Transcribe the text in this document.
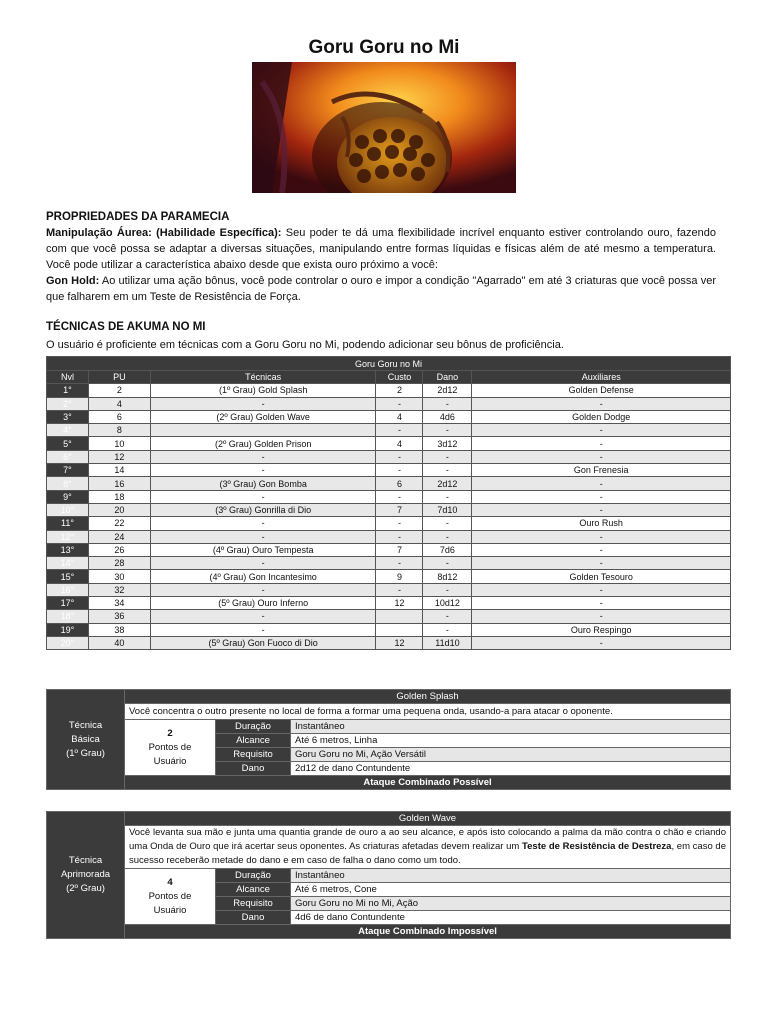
Goru Goru no Mi
PROPRIEDADES DA PARAMECIA
Manipulação Áurea: (Habilidade Específica): Seu poder te dá uma flexibilidade incrível enquanto estiver controlando ouro, fazendo com que você possa se adaptar a diversas situações, manipulando entre formas líquidas e físicas além de até mesmo a temperatura. Você pode utilizar a característica abaixo desde que exista ouro próximo a você:
Gon Hold: Ao utilizar uma ação bônus, você pode controlar o ouro e impor a condição "Agarrado" em até 3 criaturas que você possa ver que falharem em um Teste de Resistência de Força.
TÉCNICAS DE AKUMA NO MI
O usuário é proficiente em técnicas com a Goru Goru no Mi, podendo adicionar seu bônus de proficiência.
Goru Goru no Mi					
Nvl	PU	Técnicas	Custo	Dano	Auxiliares
1°	2	(1º Grau) Gold Splash	2	2d12	Golden Defense
2°	4	-	-	-	-
3°	6	(2º Grau) Golden Wave	4	4d6	Golden Dodge
4°	8		-	-	-
5°	10	(2º Grau) Golden Prison	4	3d12	-
6°	12	-	-	-	-
7°	14	-	-	-	Gon Frenesia
8°	16	(3º Grau) Gon Bomba	6	2d12	-
9°	18	-	-	-	-
10°	20	(3º Grau) Gonrilla di Dio	7	7d10	-
11°	22	-	-	-	Ouro Rush
12°	24	-	-	-	-
13°	26	(4º Grau) Ouro Tempesta	7	7d6	-
14°	28	-	-	-	-
15°	30	(4º Grau) Gon Incantesimo	9	8d12	Golden Tesouro
16°	32	-	-	-	-
17°	34	(5º Grau) Ouro Inferno	12	10d12	-
18°	36	-		-	-
19°	38	-		-	Ouro Respingo
20°	40	(5º Grau) Gon Fuoco di Dio	12	11d10	-
Técnica
Básica
(1º Grau)	Golden Splash		
	Você concentra o outro presente no local de forma a formar uma pequena onda, usando-a para atacar o oponente.		
	2
Pontos de
Usuário	Duração	Instantâneo
		Alcance	Até 6 metros, Linha
		Requisito	Goru Goru no Mi, Ação Versátil
		Dano	2d12 de dano Contundente
	Ataque Combinado Possível		
Técnica
Aprimorada
(2º Grau)	Golden Wave		
	Você levanta sua mão e junta uma quantia grande de ouro a ao seu alcance, e após isto colocando a palma da mão contra o chão e criando uma Onda de Ouro que irá acertar seus oponentes. As criaturas afetadas devem realizar um Teste de Resistência de Destreza, em caso de sucesso receberão metade do dano e em caso de falha o dano como um todo.		
	4
Pontos de
Usuário	Duração	Instantâneo
		Alcance	Até 6 metros, Cone
		Requisito	Goru Goru no Mi no Mi, Ação
		Dano	4d6 de dano Contundente
	Ataque Combinado Impossível		
